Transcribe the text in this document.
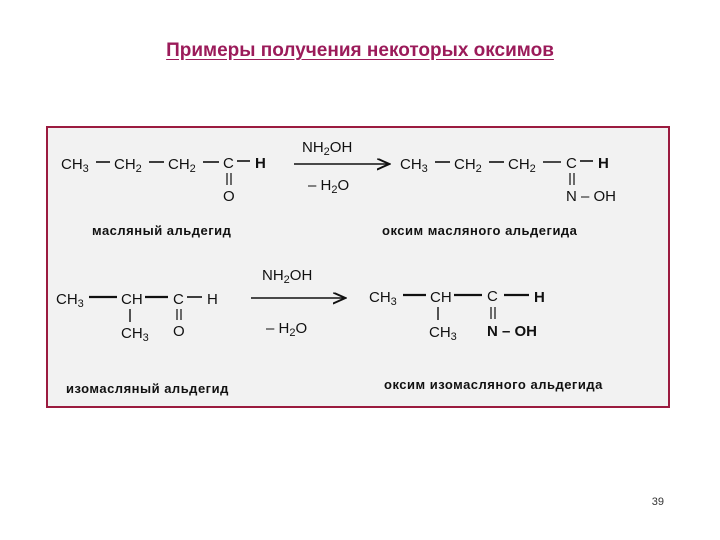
Примеры получения некоторых оксимов
$CH_3$ $CH_2$ $CH_2$ C H
O
$NH_2OH$
– $H_2O$
$CH_3$ $CH_2$ $CH_2$ C H
N – OH
масляный альдегид	оксим масляного альдегида
$CH_3$ CH C H
$CH_3$ O
$NH_2OH$
– $H_2O$
$CH_3$ CH C H
$CH_3$ N – OH
изомасляный альдегид	оксим изомасляного альдегида
39
